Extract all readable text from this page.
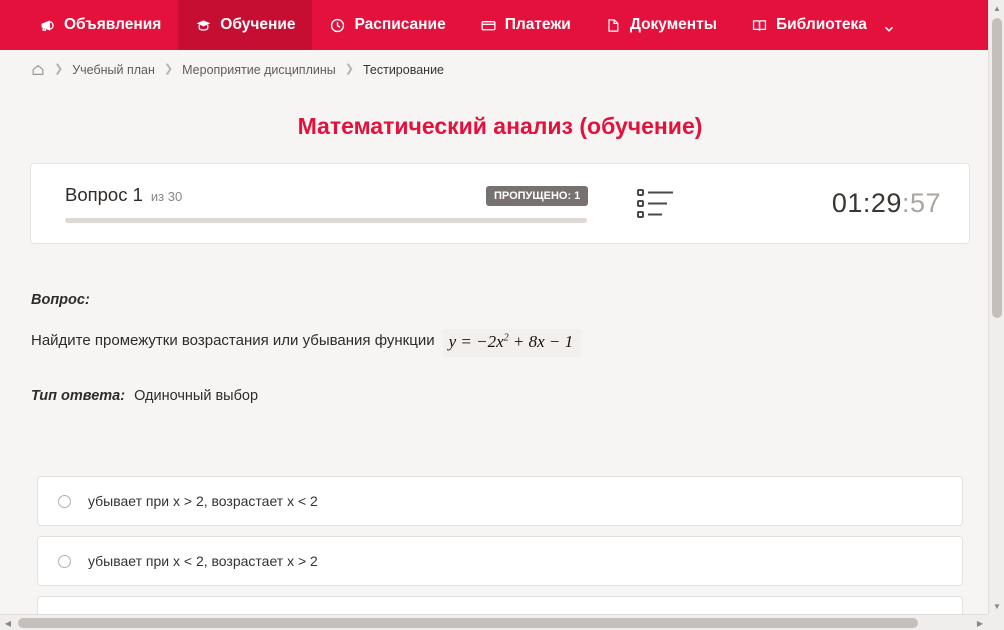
Объявления	Обучение	Расписание	Платежи	Документы	Библиотека
❯ Учебный план ❯ Мероприятие дисциплины ❯ Тестирование
Математический анализ (обучение)
Вопрос 1 из 30	ПРОПУЩЕНО: 1	01:29:57
Вопрос:
Найдите промежутки возрастания или убывания функции $y = -2x^2 + 8x - 1$
Тип ответа: Одиночный выбор
убывает при x > 2, возрастает x < 2
убывает при x < 2, возрастает x > 2
▲
▼
◀	▶
